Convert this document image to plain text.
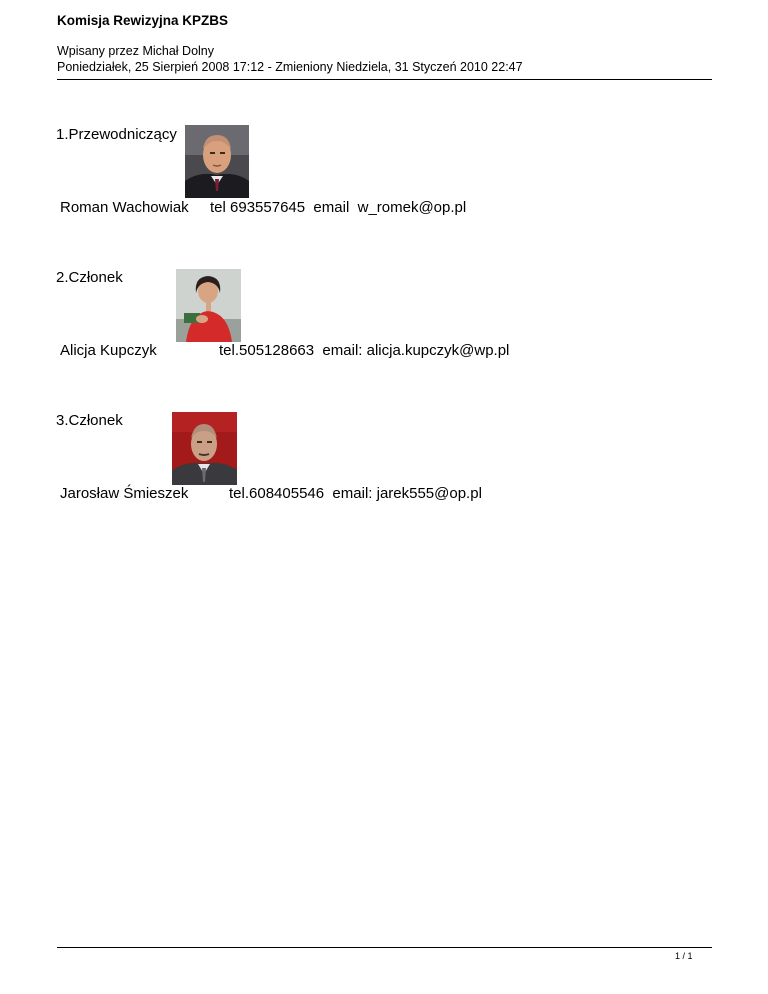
Komisja Rewizyjna KPZBS
Wpisany przez Michał Dolny
Poniedziałek, 25 Sierpień 2008 17:12 - Zmieniony Niedziela, 31 Styczeń 2010 22:47
1.Przewodniczący
Roman Wachowiak tel 693557645  email  w_romek@op.pl
2.Członek
Alicja Kupczyk	tel.505128663  email: alicja.kupczyk@wp.pl
3.Członek
Jarosław Śmieszek	tel.608405546  email: jarek555@op.pl
1 / 1
